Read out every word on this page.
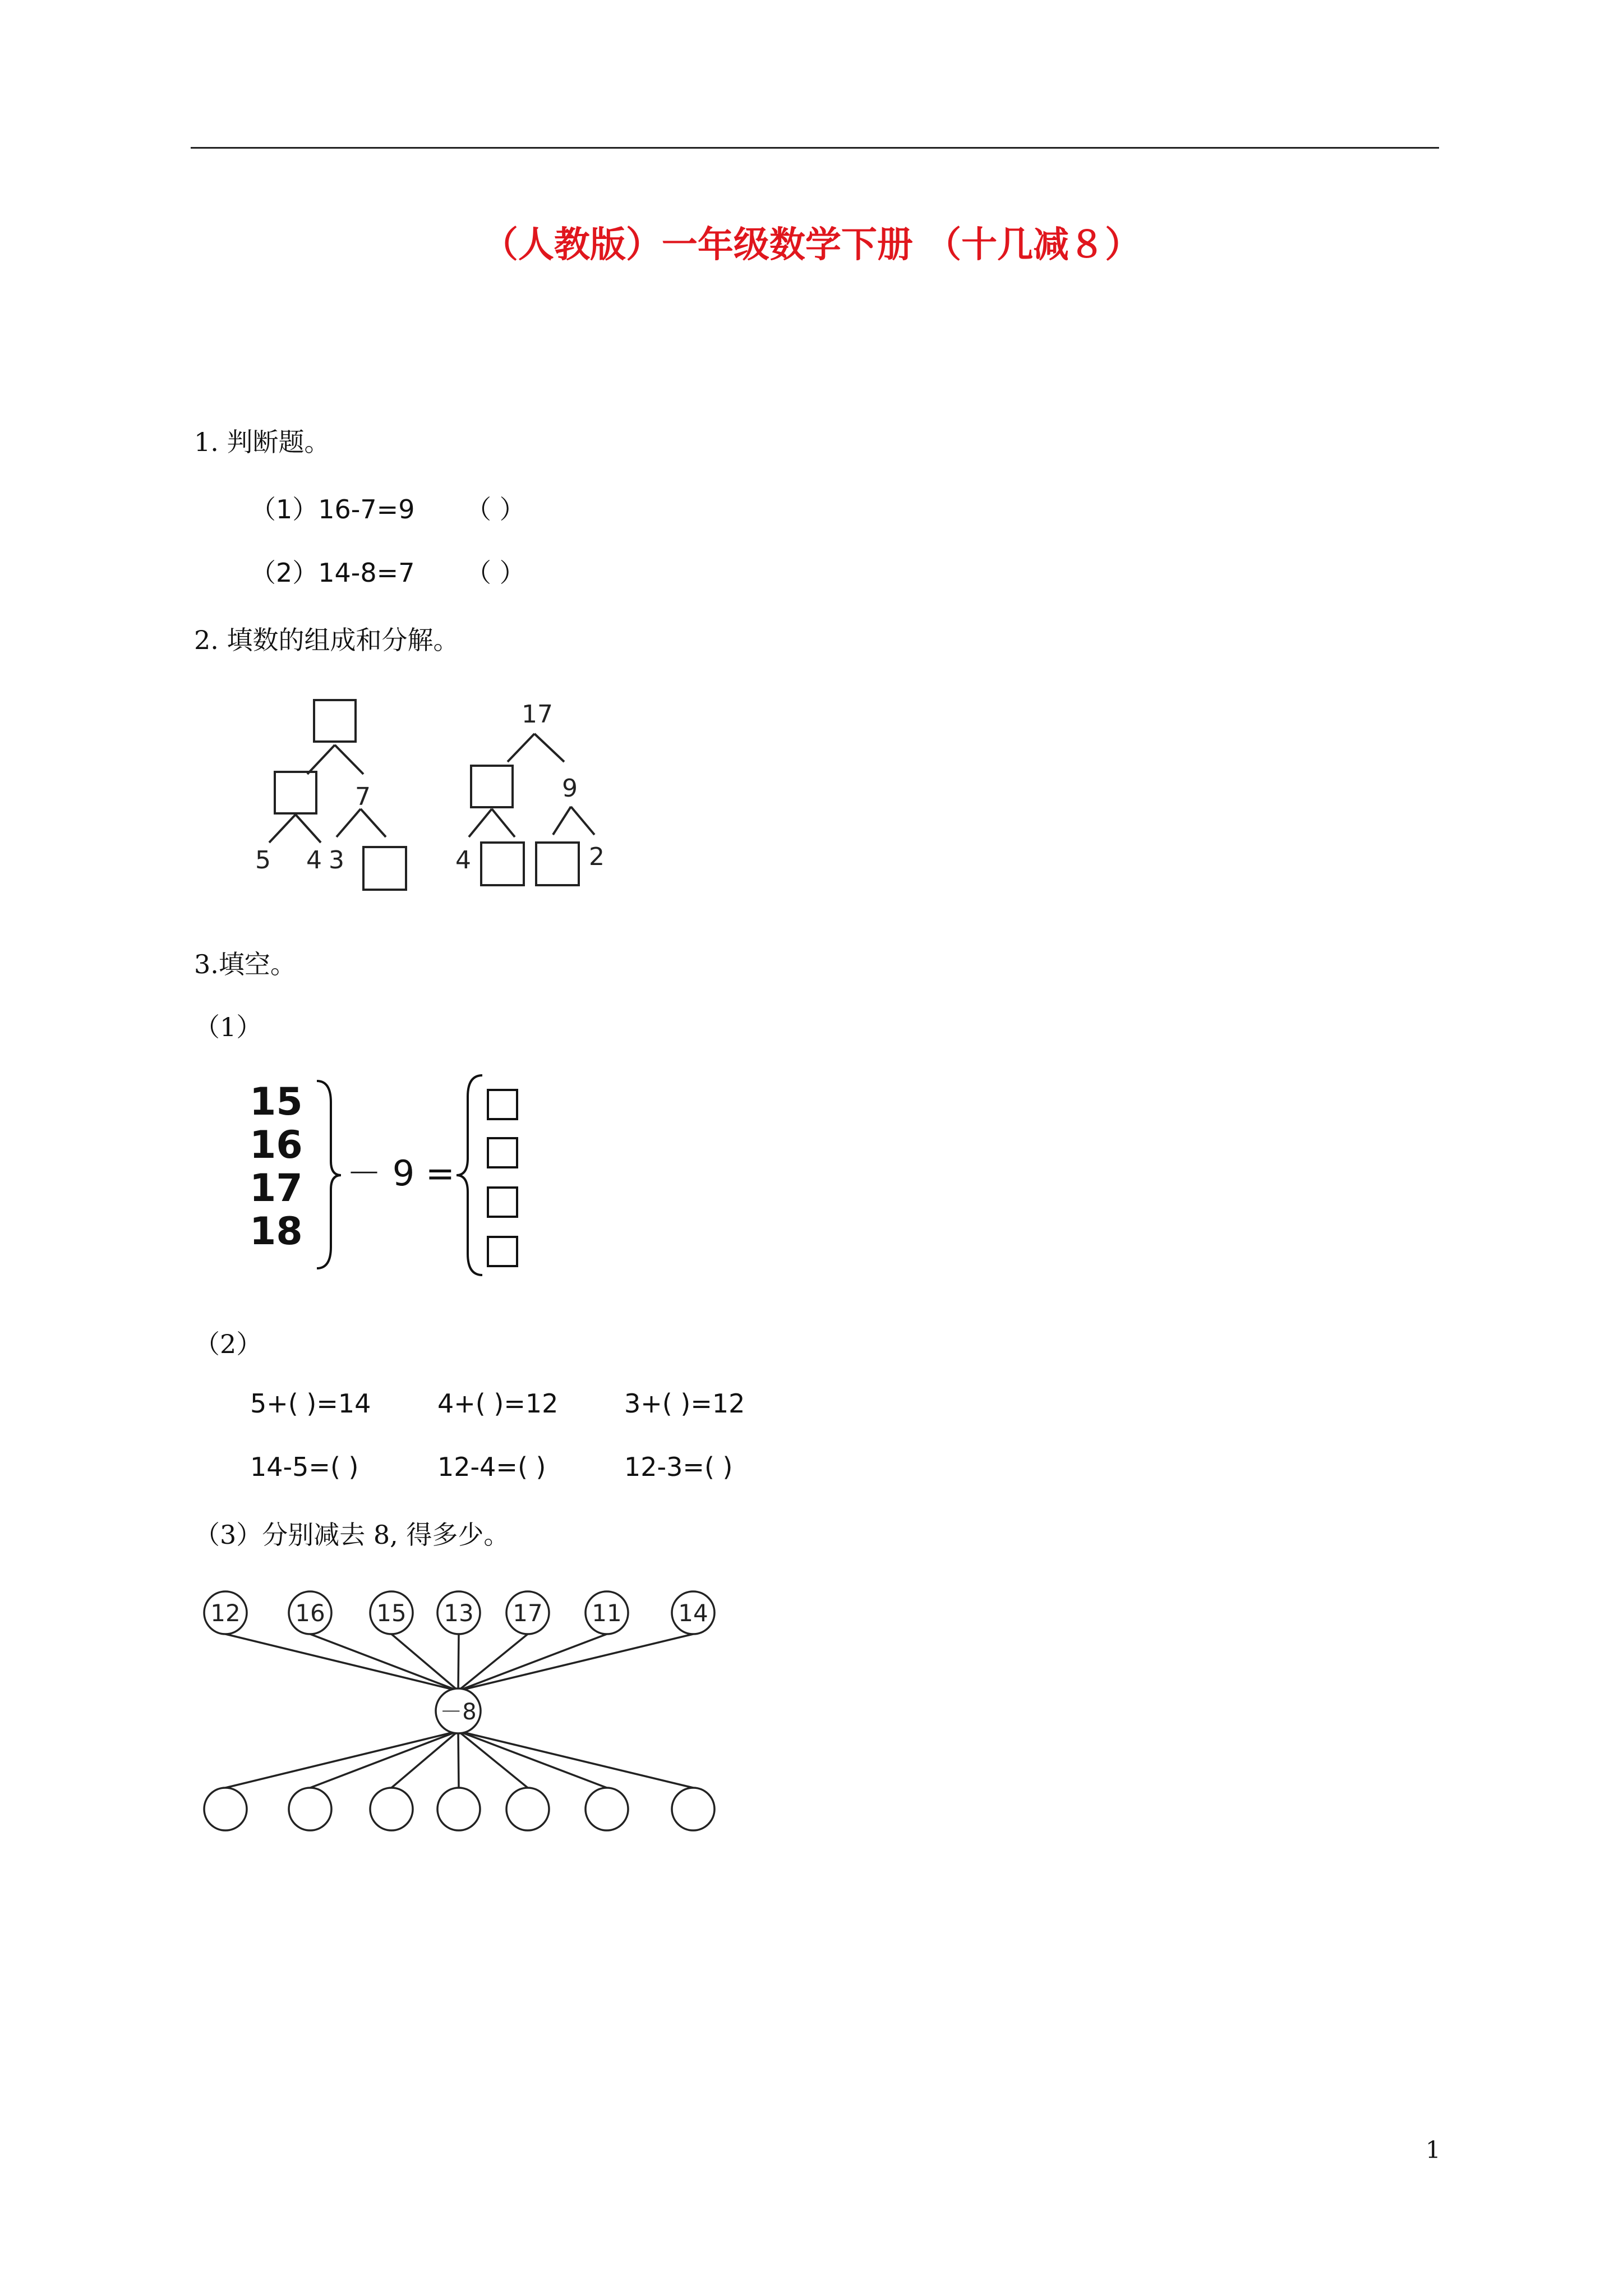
（人教版）一年级数学下册 （十几减８）
1. 判断题。
（1）16-7=9 （ ）
（2）14-8=7 （ ）
2. 填数的组成和分解。
7
5 4 3
17
9
4	2
3.填空。
（1）
15
16
17
18
－ 9 =
（2）
5+( )=14	4+( )=12	3+( )=12
14-5=( )	12-4=( )	12-3=( )
（3）分别减去 8, 得多少。
12 16 15 13 17 11 14
－8
1
